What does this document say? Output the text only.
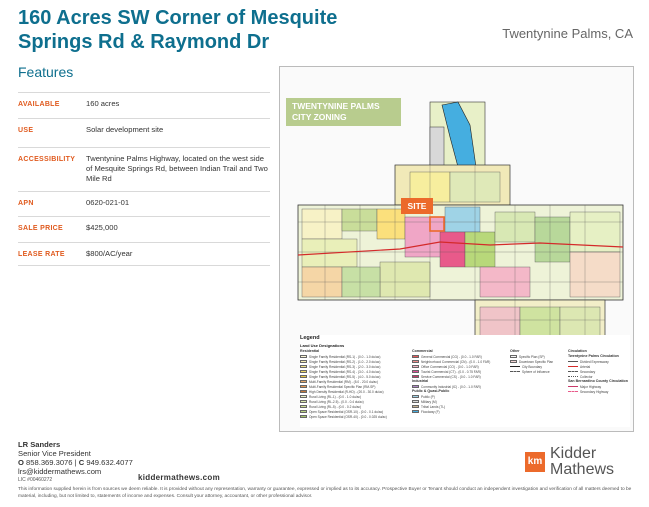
160 Acres SW Corner of Mesquite Springs Rd & Raymond Dr	Twentynine Palms, CA
Features
AVAILABLE	160 acres
USE	Solar development site
ACCESSIBILITY	Twentynine Palms Highway, located on the west side of Mesquite Springs Rd, between Indian Trail and Two Mile Rd
APN	0620-021-01
SALE PRICE	$425,000
LEASE RATE	$800/AC/year
TWENTYNINE PALMS CITY ZONING
SITE
Legend
Land Use Designations
Residential
Single Family Residential (RS-1) - (0.0 - 1.0 du/ac)
Single Family Residential (RS-2) - (1.0 - 2.0 du/ac)
Single Family Residential (RS-3) - (2.0 - 3.0 du/ac)
Single Family Residential (RS-4) - (3.0 - 4.0 du/ac)
Single Family Residential (RS-5) - (4.0 - 5.0 du/ac)
Multi-Family Residential (RM) - (5.0 - 20.0 du/ac)
Multi-Family Residential Specific Plan (RM-SP)
High Density Residential (R-HD) - (20.0 - 30.0 du/ac)
Rural Living (RL-1) - (0.0 - 1.0 du/ac)
Rural Living (RL-2.5) - (0.0 - 0.4 du/ac)
Rural Living (RL-5) - (0.0 - 0.2 du/ac)
Open Space Residential (OSR-10) - (0.0 - 0.1 du/ac)
Open Space Residential (OSR-40) - (0.0 - 0.025 du/ac)
Commercial
General Commercial (CG) - (0.0 - 1.0 FAR)
Neighborhood Commercial (CN) - (0.0 - 1.0 FAR)
Office Commercial (CO) - (0.0 - 1.0 FAR)
Tourist Commercial (CT) - (0.0 - 0.75 FAR)
Service Commercial (CS) - (0.0 - 1.0 FAR)
Industrial
Community Industrial (IC) - (0.0 - 1.0 FAR)
Public & Quasi-Public
Public (P)
Military (M)
Tribal Lands (TL)
Floodway (F)
Other
Specific Plan (SP)
Downtown Specific Plan
City Boundary
Sphere of Influence
Circulation
Twentynine Palms Circulation
Divided Expressway
Arterial
Secondary
Collector
San Bernardino County Circulation
Major Highway
Secondary Highway
LR Sanders
Senior Vice President
O 858.369.3076 | C 949.632.4077
lrs@kiddermathews.com
LIC #00460272	kiddermathews.com
km Kidder
Mathews
This information supplied herein is from sources we deem reliable. It is provided without any representation, warranty or guarantee, expressed or implied as to its accuracy. Prospective Buyer or Tenant should conduct an independent investigation and verification of all matters deemed to be material, including, but not limited to, statements of income and expenses. Consult your attorney, accountant, or other professional advisor.
